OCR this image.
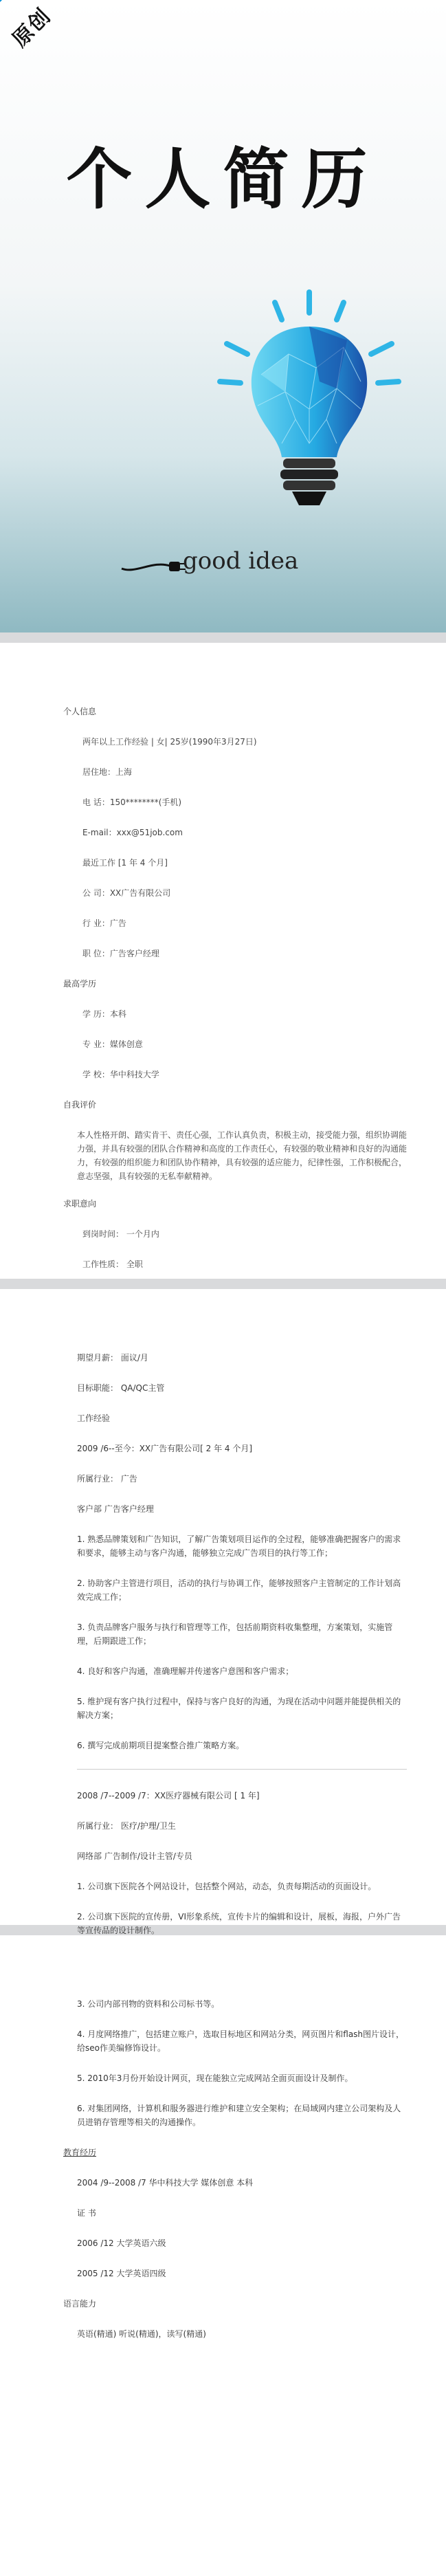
原创
个人简历
good idea
个人信息
两年以上工作经验 | 女| 25岁(1990年3月27日)
居住地：上海
电 话：150********(手机)
E-mail：xxx@51job.com
最近工作 [1 年 4 个月]
公 司：XX广告有限公司
行 业：广告
职 位：广告客户经理
最高学历
学 历：本科
专 业：媒体创意
学 校：华中科技大学
自我评价
本人性格开朗、踏实肯干、责任心强，工作认真负责，积极主动，接受能力强，组织协调能力强，并具有较强的团队合作精神和高度的工作责任心，有较强的敬业精神和良好的沟通能力，有较强的组织能力和团队协作精神，具有较强的适应能力，纪律性强，工作积极配合，意志坚强，具有较强的无私奉献精神。
求职意向
到岗时间： 一个月内
工作性质： 全职
期望月薪： 面议/月
目标职能： QA/QC主管
工作经验
2009 /6--至今：XX广告有限公司[ 2 年 4 个月]
所属行业： 广告
客户部 广告客户经理
1. 熟悉品牌策划和广告知识，了解广告策划项目运作的全过程，能够准确把握客户的需求和要求，能够主动与客户沟通，能够独立完成广告项目的执行等工作；
2. 协助客户主管进行项目，活动的执行与协调工作，能够按照客户主管制定的工作计划高效完成工作；
3. 负责品牌客户服务与执行和管理等工作，包括前期资料收集整理，方案策划，实施管理，后期跟进工作；
4. 良好和客户沟通，准确理解并传递客户意图和客户需求；
5. 维护现有客户执行过程中，保持与客户良好的沟通，为现在活动中问题并能提供相关的解决方案；
6. 撰写完成前期项目提案整合推广策略方案。
2008 /7--2009 /7：XX医疗器械有限公司 [ 1 年]
所属行业： 医疗/护理/卫生
网络部 广告制作/设计主管/专员
1. 公司旗下医院各个网站设计，包括整个网站，动态，负责每期活动的页面设计。
2. 公司旗下医院的宣传册，VI形象系统，宣传卡片的编辑和设计，展板，海报，户外广告等宣传品的设计制作。
3. 公司内部刊物的资料和公司标书等。
4. 月度网络推广，包括建立账户，选取目标地区和网站分类，网页图片和flash图片设计，给seo作美编修饰设计。
5. 2010年3月份开始设计网页，现在能独立完成网站全面页面设计及制作。
6. 对集团网络，计算机和服务器进行维护和建立安全架构；在局域网内建立公司架构及人员进销存管理等相关的沟通操作。
教育经历
2004 /9--2008 /7 华中科技大学 媒体创意 本科
证 书
2006 /12 大学英语六级
2005 /12 大学英语四级
语言能力
英语(精通) 听说(精通)，读写(精通)
